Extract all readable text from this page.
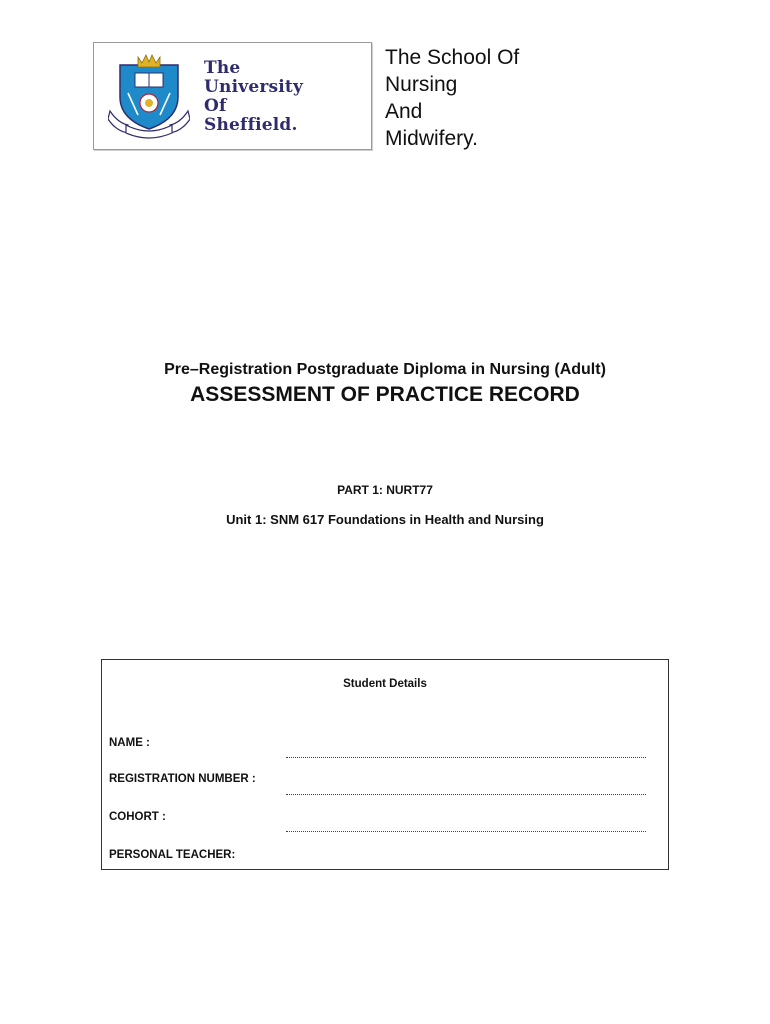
The
University
Of
Sheffield.
The School Of
Nursing
And
Midwifery.
Pre–Registration Postgraduate Diploma in Nursing (Adult)
ASSESSMENT OF PRACTICE RECORD
PART 1: NURT77
Unit 1: SNM 617 Foundations in Health and Nursing
Student Details
NAME :
REGISTRATION NUMBER :
COHORT :
PERSONAL TEACHER:
